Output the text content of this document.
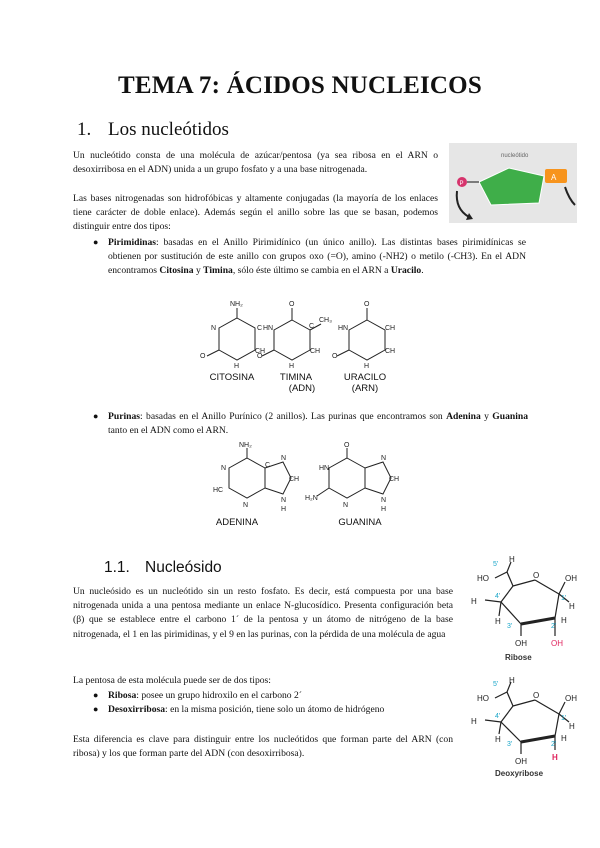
TEMA 7: ÁCIDOS NUCLEICOS
1. Los nucleótidos
Un nucleótido consta de una molécula de azúcar/pentosa (ya sea ribosa en el ARN o desoxirribosa en el ADN) unida a un grupo fosfato y a una base nitrogenada.
Las bases nitrogenadas son hidrofóbicas y altamente conjugadas (la mayoría de los enlaces tiene carácter de doble enlace). Además según el anillo sobre las que se basan, podemos distinguir entre dos tipos:
nucleótido
A
P
● Pirimidinas: basadas en el Anillo Pirimidínico (un único anillo). Las distintas bases pirimidínicas se obtienen por sustitución de este anillo con grupos oxo (=O), amino (-NH2) o metilo (-CH3). En el ADN encontramos Citosina y Timina, sólo éste último se cambia en el ARN a Uracilo.
NH₂
C
CH
H
O
N
O
C
CH₃
HN
O
CH
H
O
HN	CH
CH
O
H
CITOSINA	TIMINA
(ADN)
URACILO
(ARN)
● Purinas: basadas en el Anillo Purínico (2 anillos). Las purinas que encontramos son Adenina y Guanina tanto en el ADN como el ARN.
NH₂
N
HC
C
N
CH
N
N
H
O
HN
H₂N
N
CH
N
N
H
ADENINA	GUANINA
1.1. Nucleósido
Un nucleósido es un nucleótido sin un resto fosfato. Es decir, está compuesta por una base nitrogenada unida a una pentosa mediante un enlace N-glucosídico. Presenta configuración beta (β) que se establece entre el carbono 1´ de la pentosa y un átomo de nitrógeno de la base nitrogenada, el 1 en las pirimidinas, y el 9 en las purinas, con la pérdida de una molécula de agua
La pentosa de esta molécula puede ser de dos tipos:
● Ribosa: posee un grupo hidroxilo en el carbono 2´
● Desoxirribosa: en la misma posición, tiene solo un átomo de hidrógeno
Esta diferencia es clave para distinguir entre los nucleótidos que forman parte del ARN (con ribosa) y los que forman parte del ADN (con desoxirribosa).
O	OH
H
H
H
OH	OH
HO
H
H
5'
4'
3'	2'
1'
Ribose
O	OH
H
H
H
OH	H
HO
H
H
5'
4'
3'	2'
1'
Deoxyribose
